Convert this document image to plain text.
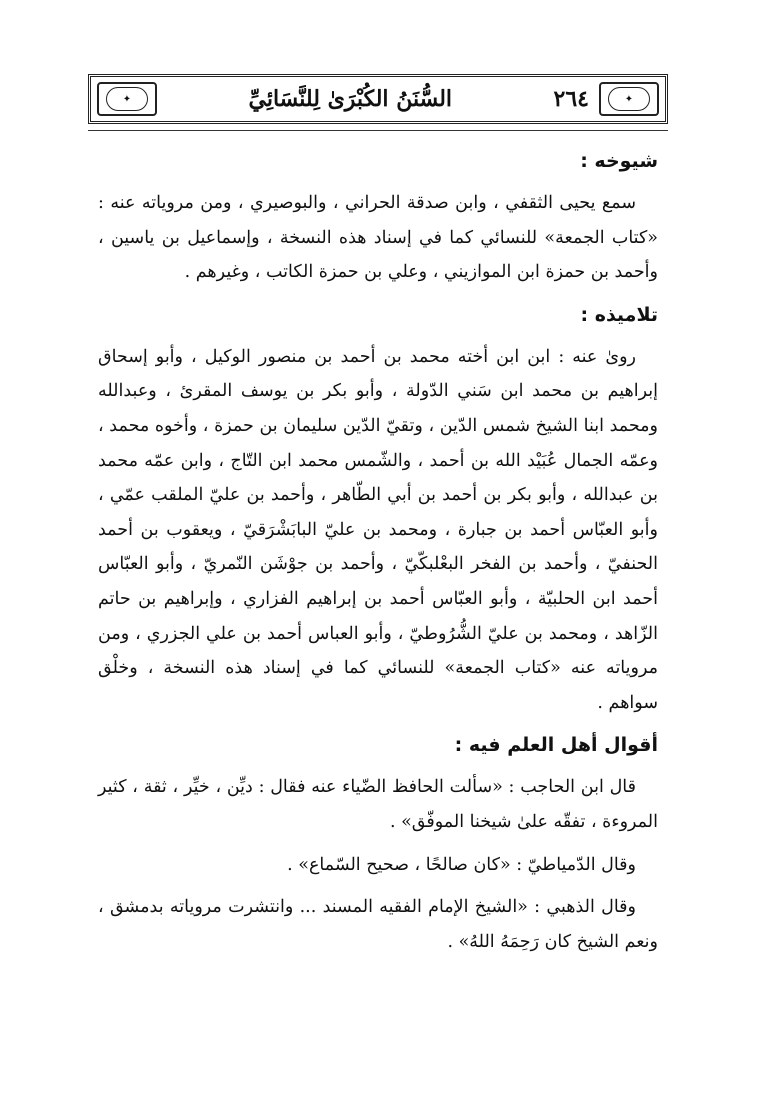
✦	السُّنَنُ الكُبْرَىٰ لِلنَّسَائِيِّ	٢٦٤	✦
شيوخه :

سمع يحيى الثقفي ، وابن صدقة الحراني ، والبوصيري ، ومن مروياته عنه : «كتاب الجمعة» للنسائي كما في إسناد هذه النسخة ، وإسماعيل بن ياسين ، وأحمد بن حمزة ابن الموازيني ، وعلي بن حمزة الكاتب ، وغيرهم .

تلاميذه :

روىٰ عنه : ابن ابن أخته محمد بن أحمد بن منصور الوكيل ، وأبو إسحاق إبراهيم بن محمد ابن سَني الدّولة ، وأبو بكر بن يوسف المقرئ ، وعبدالله ومحمد ابنا الشيخ شمس الدّين ، وتقيّ الدّين سليمان بن حمزة ، وأخوه محمد ، وعمّه الجمال عُبَيْد الله بن أحمد ، والشّمس محمد ابن التّاج ، وابن عمّه محمد بن عبدالله ، وأبو بكر بن أحمد بن أبي الطّاهر ، وأحمد بن عليّ الملقب عمّي ، وأبو العبّاس أحمد بن جبارة ، ومحمد بن عليّ البابَشْرَقيّ ، ويعقوب بن أحمد الحنفيّ ، وأحمد بن الفخر البعْلبكّيّ ، وأحمد بن جوْشَن النّمريّ ، وأبو العبّاس أحمد ابن الحلبيّة ، وأبو العبّاس أحمد بن إبراهيم الفزاري ، وإبراهيم بن حاتم الزّاهد ، ومحمد بن عليّ الشُّرُوطيّ ، وأبو العباس أحمد بن علي الجزري ، ومن مروياته عنه «كتاب الجمعة» للنسائي كما في إسناد هذه النسخة ، وخلْق سواهم .

أقوال أهل العلم فيه :

قال ابن الحاجب : «سألت الحافظ الضّياء عنه فقال : ديِّن ، خيِّر ، ثقة ، كثير المروءة ، تفقّه علىٰ شيخنا الموفّق» .

وقال الدّمياطيّ : «كان صالحًا ، صحيح السّماع» .

وقال الذهبي : «الشيخ الإمام الفقيه المسند ... وانتشرت مروياته بدمشق ، ونعم الشيخ كان رَحِمَهُ اللهُ» .
